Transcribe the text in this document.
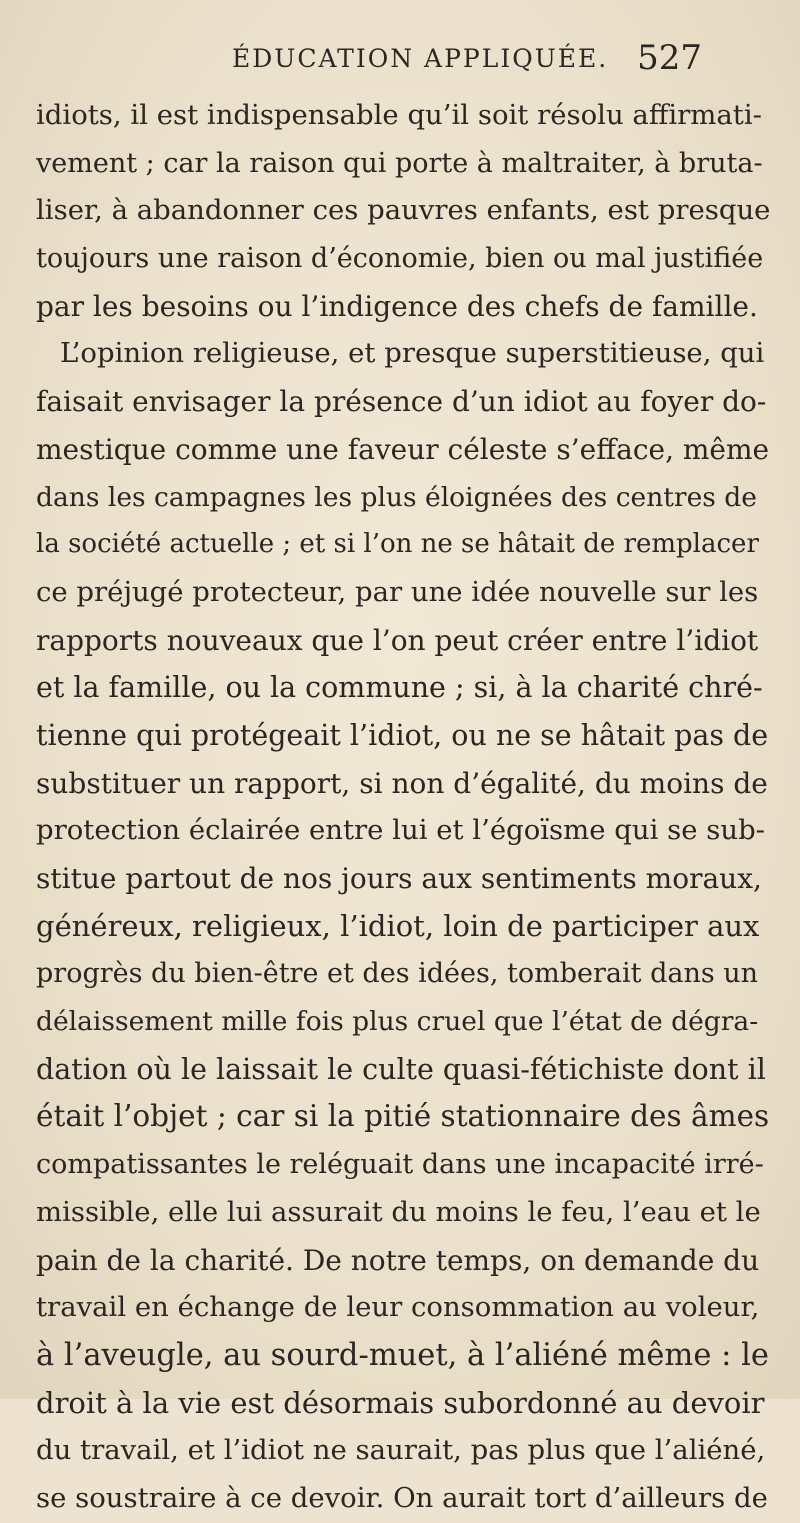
ÉDUCATION APPLIQUÉE. 527
idiots, il est indispensable qu’il soit résolu affirmati-
vement ; car la raison qui porte à maltraiter, à bruta-
liser, à abandonner ces pauvres enfants, est presque
toujours une raison d’économie, bien ou mal justifiée
par les besoins ou l’indigence des chefs de famille.
L’opinion religieuse, et presque superstitieuse, qui
faisait envisager la présence d’un idiot au foyer do-
mestique comme une faveur céleste s’efface, même
dans les campagnes les plus éloignées des centres de
la société actuelle ; et si l’on ne se hâtait de remplacer
ce préjugé protecteur, par une idée nouvelle sur les
rapports nouveaux que l’on peut créer entre l’idiot
et la famille, ou la commune ; si, à la charité chré-
tienne qui protégeait l’idiot, ou ne se hâtait pas de
substituer un rapport, si non d’égalité, du moins de
protection éclairée entre lui et l’égoïsme qui se sub-
stitue partout de nos jours aux sentiments moraux,
généreux, religieux, l’idiot, loin de participer aux
progrès du bien-être et des idées, tomberait dans un
délaissement mille fois plus cruel que l’état de dégra-
dation où le laissait le culte quasi-fétichiste dont il
était l’objet ; car si la pitié stationnaire des âmes
compatissantes le reléguait dans une incapacité irré-
missible, elle lui assurait du moins le feu, l’eau et le
pain de la charité. De notre temps, on demande du
travail en échange de leur consommation au voleur,
à l’aveugle, au sourd-muet, à l’aliéné même : le
droit à la vie est désormais subordonné au devoir
du travail, et l’idiot ne saurait, pas plus que l’aliéné,
se soustraire à ce devoir. On aurait tort d’ailleurs de
